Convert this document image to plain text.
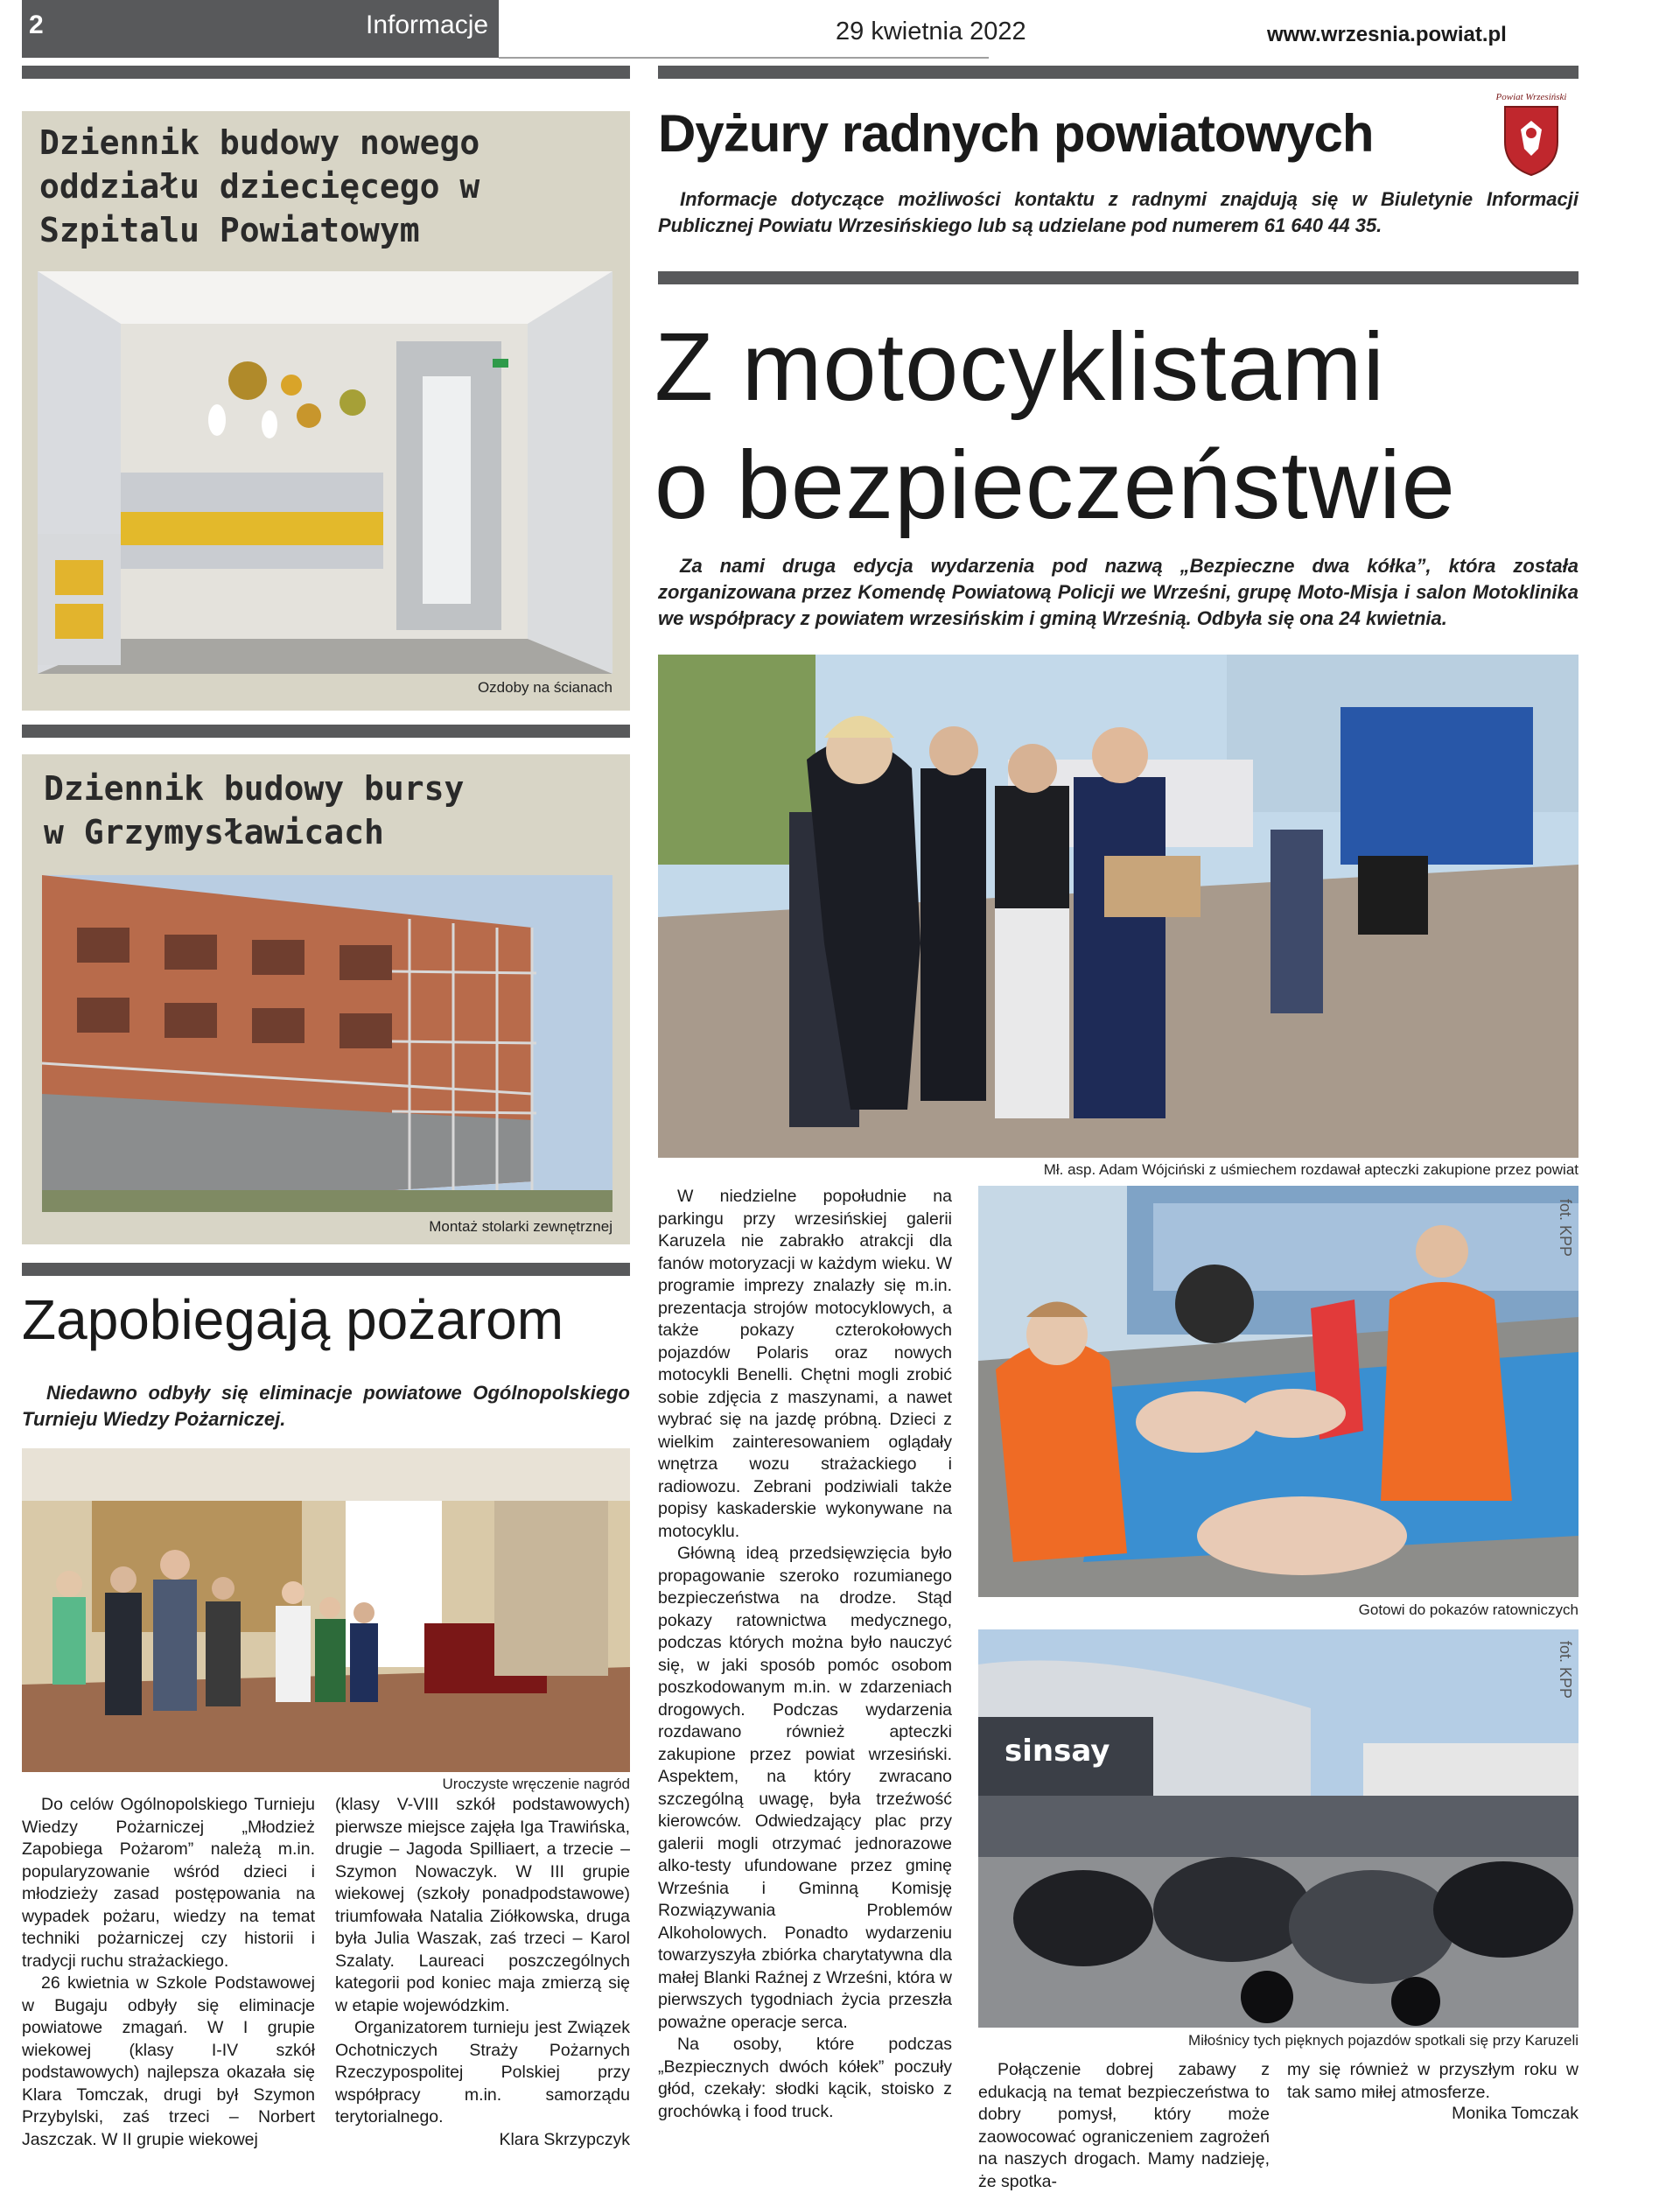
2	Informacje	29 kwietnia 2022	www.wrzesnia.powiat.pl
Dziennik budowy nowego oddziału dziecięcego w Szpitalu Powiatowym
Ozdoby na ścianach
Dziennik budowy bursy w Grzymysławicach
Montaż stolarki zewnętrznej
Zapobiegają pożarom
Niedawno odbyły się eliminacje powiatowe Ogólnopolskiego Turnieju Wiedzy Pożarniczej.
Uroczyste wręczenie nagród

Do celów Ogólnopolskiego Turnieju Wiedzy Pożarniczej „Młodzież Zapobiega Pożarom” należą m.in. popularyzowanie wśród dzieci i młodzieży zasad postępowania na wypadek pożaru, wiedzy na temat techniki pożarniczej czy historii i tradycji ruchu strażackiego.

26 kwietnia w Szkole Podstawowej w Bugaju odbyły się eliminacje powiatowe zmagań. W I grupie wiekowej (klasy I-IV szkół podstawowych) najlepsza okazała się Klara Tomczak, drugi był Szymon Przybylski, zaś trzeci – Norbert Jaszczak. W II grupie wiekowej

(klasy V-VIII szkół podstawowych) pierwsze miejsce zajęła Iga Trawińska, drugie – Jagoda Spilliaert, a trzecie – Szymon Nowaczyk. W III grupie wiekowej (szkoły ponadpodstawowe) triumfowała Natalia Ziółkowska, druga była Julia Waszak, zaś trzeci – Karol Szalaty. Laureaci poszczególnych kategorii pod koniec maja zmierzą się w etapie wojewódzkim.

Organizatorem turnieju jest Związek Ochotniczych Straży Pożarnych Rzeczypospolitej Polskiej przy współpracy m.in. samorządu terytorialnego.

Klara Skrzypczyk
Dyżury radnych powiatowych
Powiat Wrzesiński
Informacje dotyczące możliwości kontaktu z radnymi znajdują się w Biuletynie Informacji Publicznej Powiatu Wrzesińskiego lub są udzielane pod numerem 61 640 44 35.
Z motocyklistami
o bezpieczeństwie
Za nami druga edycja wydarzenia pod nazwą „Bezpieczne dwa kółka”, która została zorganizowana przez Komendę Powiatową Policji we Wrześni, grupę Moto-Misja i salon Motoklinika we współpracy z powiatem wrzesińskim i gminą Wrześnią. Odbyła się ona 24 kwietnia.
Mł. asp. Adam Wójciński z uśmiechem rozdawał apteczki zakupione przez powiat
fot. KPP
Gotowi do pokazów ratowniczych
sinsay
fot. KPP
Miłośnicy tych pięknych pojazdów spotkali się przy Karuzeli

W niedzielne popołudnie na parkingu przy wrzesińskiej galerii Karuzela nie zabrakło atrakcji dla fanów motoryzacji w każdym wieku. W programie imprezy znalazły się m.in. prezentacja strojów motocyklowych, a także pokazy czterokołowych pojazdów Polaris oraz nowych motocykli Benelli. Chętni mogli zrobić sobie zdjęcia z maszynami, a nawet wybrać się na jazdę próbną. Dzieci z wielkim zainteresowaniem oglądały wnętrza wozu strażackiego i radiowozu. Zebrani podziwiali także popisy kaskaderskie wykonywane na motocyklu.

Główną ideą przedsięwzięcia było propagowanie szeroko rozumianego bezpieczeństwa na drodze. Stąd pokazy ratownictwa medycznego, podczas których można było nauczyć się, w jaki sposób pomóc osobom poszkodowanym m.in. w zdarzeniach drogowych. Podczas wydarzenia rozdawano również apteczki zakupione przez powiat wrzesiński. Aspektem, na który zwracano szczególną uwagę, była trzeźwość kierowców. Odwiedzający plac przy galerii mogli otrzymać jednorazowe alko-testy ufundowane przez gminę Września i Gminną Komisję Rozwiązywania Problemów Alkoholowych. Ponadto wydarzeniu towarzyszyła zbiórka charytatywna dla małej Blanki Raźnej z Wrześni, która w pierwszych tygodniach życia przeszła poważne operacje serca.

Na osoby, które podczas „Bezpiecznych dwóch kółek” poczuły głód, czekały: słodki kącik, stoisko z grochówką i food truck.

Połączenie dobrej zabawy z edukacją na temat bezpieczeństwa to dobry pomysł, który może zaowocować ograniczeniem zagrożeń na naszych drogach. Mamy nadzieję, że spotka-

my się również w przyszłym roku w tak samo miłej atmosferze.

Monika Tomczak
